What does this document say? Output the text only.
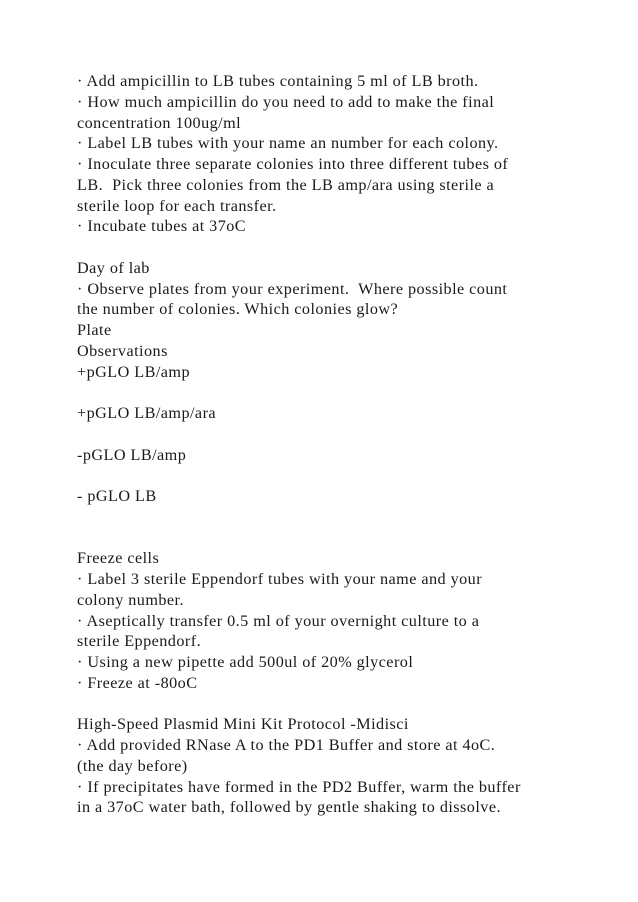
· Add ampicillin to LB tubes containing 5 ml of LB broth.
· How much ampicillin do you need to add to make the final
concentration 100ug/ml
· Label LB tubes with your name an number for each colony.
· Inoculate three separate colonies into three different tubes of
LB.  Pick three colonies from the LB amp/ara using sterile a
sterile loop for each transfer.
· Incubate tubes at 37oC
Day of lab
· Observe plates from your experiment.  Where possible count
the number of colonies. Which colonies glow?
Plate
Observations
+pGLO LB/amp
+pGLO LB/amp/ara
-pGLO LB/amp
- pGLO LB
Freeze cells
· Label 3 sterile Eppendorf tubes with your name and your
colony number.
· Aseptically transfer 0.5 ml of your overnight culture to a
sterile Eppendorf.
· Using a new pipette add 500ul of 20% glycerol
· Freeze at -80oC
High-Speed Plasmid Mini Kit Protocol -Midisci
· Add provided RNase A to the PD1 Buffer and store at 4oC.
(the day before)
· If precipitates have formed in the PD2 Buffer, warm the buffer
in a 37oC water bath, followed by gentle shaking to dissolve.
